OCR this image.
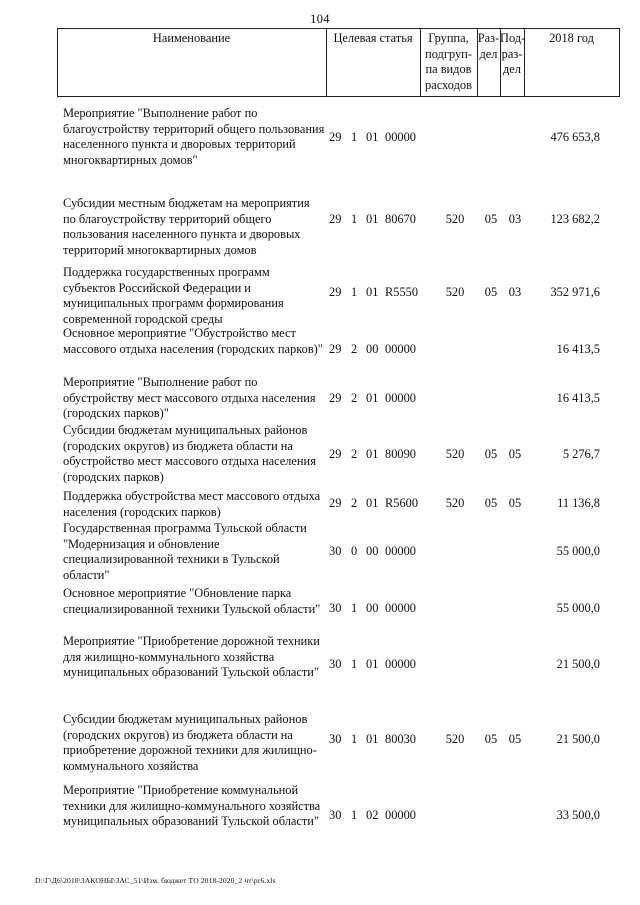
104
Наименование	Целевая статья	Группа,
подгруп-
па видов
расходов
Раз-
дел
Под-
раз-
дел
2018 год
Мероприятие "Выполнение работ по благоустройству территорий общего пользования населенного пункта и дворовых территорий многоквартирных домов"
29 1 01 00000	476 653,8
Субсидии местным бюджетам на мероприятия по благоустройству территорий общего пользования населенного пункта и дворовых территорий многоквартирных домов
29 1 01 80670	520	05 03	123 682,2
Поддержка государственных программ субъектов Российской Федерации и муниципальных программ формирования современной городской среды
29 1 01 R5550	520	05 03	352 971,6
Основное мероприятие "Обустройство мест массового отдыха населения (городских парков)" 29 2 00 00000	16 413,5
Мероприятие "Выполнение работ по обустройству мест массового отдыха населения (городских парков)"
29 2 01 00000	16 413,5
Субсидии бюджетам муниципальных районов (городских округов) из бюджета области на обустройство мест массового отдыха населения (городских парков)
29 2 01 80090	520	05 05	5 276,7
Поддержка обустройства мест массового отдыха населения (городских парков)
29 2 01 R5600	520	05 05	11 136,8
Государственная программа Тульской области "Модернизация и обновление специализированной техники в Тульской области"
30 0 00 00000	55 000,0
Основное мероприятие "Обновление парка специализированной техники Тульской области" 30 1 00 00000	55 000,0
Мероприятие "Приобретение дорожной техники для жилищно-коммунального хозяйства муниципальных образований Тульской области"
30 1 01 00000	21 500,0
Субсидии бюджетам муниципальных районов (городских округов) из бюджета области на приобретение дорожной техники для жилищно-коммунального хозяйства
30 1 01 80030	520	05 05	21 500,0
Мероприятие "Приобретение коммунальной техники для жилищно-коммунального хозяйства муниципальных образований Тульской области" 30 1 02 00000	33 500,0
D:\Г\Д6\2018\ЗАКОНЫ\ЗАС_51\Изм. бюджет ТО 2018-2020_2 чт\pr6.xls
